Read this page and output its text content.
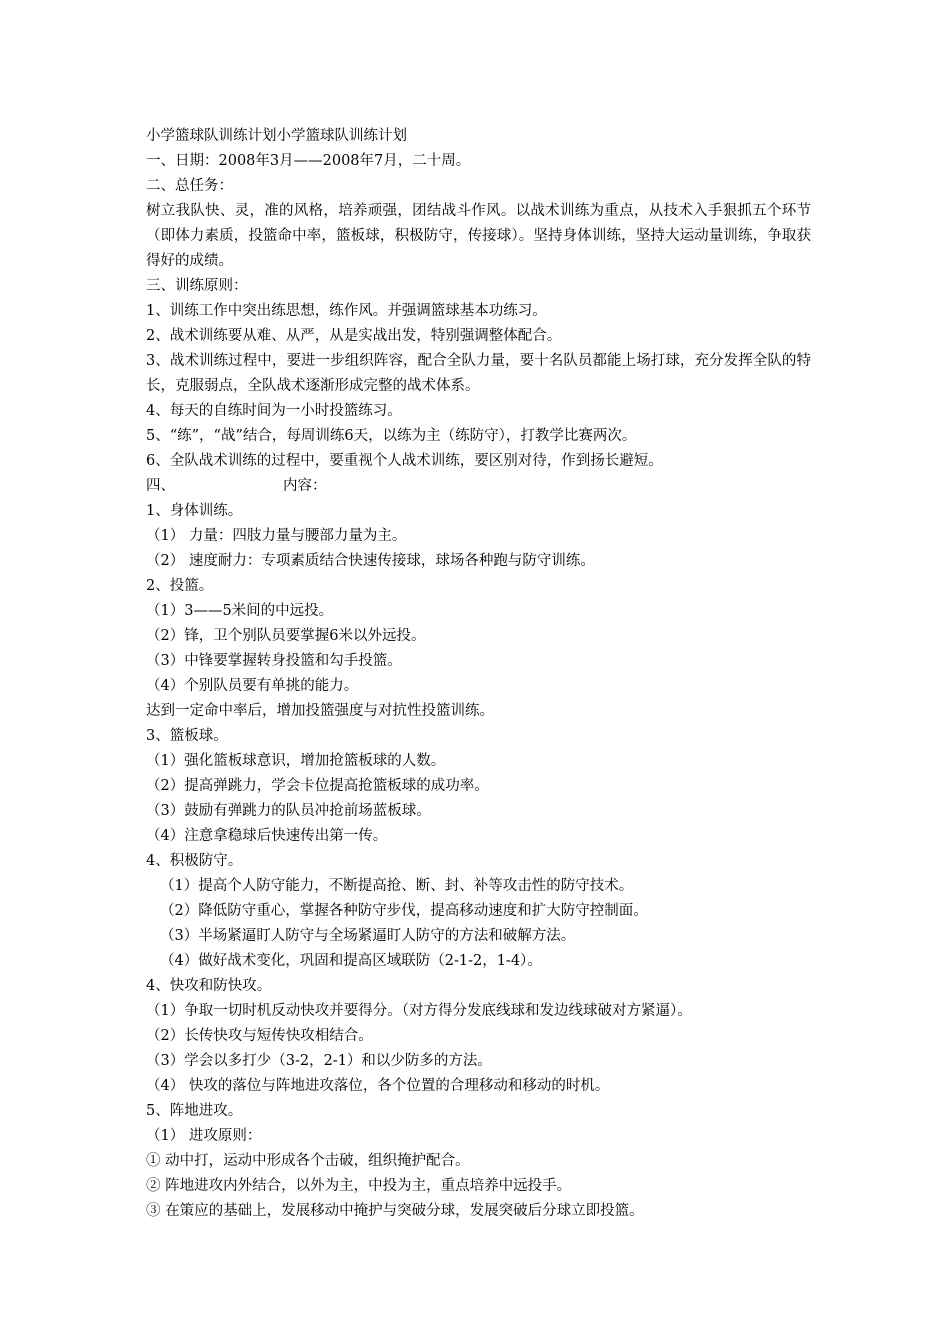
小学篮球队训练计划小学篮球队训练计划
一、日期：2008年3月——2008年7月，二十周。
二、总任务：
树立我队快、灵，准的风格，培养顽强，团结战斗作风。以战术训练为重点，从技术入手狠抓五个环节（即体力素质，投篮命中率，篮板球，积极防守，传接球）。坚持身体训练，坚持大运动量训练，争取获得好的成绩。
三、训练原则：
1、训练工作中突出练思想，练作风。并强调篮球基本功练习。
2、战术训练要从难、从严，从是实战出发，特别强调整体配合。
3、战术训练过程中，要进一步组织阵容，配合全队力量，要十名队员都能上场打球，充分发挥全队的特长，克服弱点，全队战术逐渐形成完整的战术体系。
4、每天的自练时间为一小时投篮练习。
5、“练”，“战”结合，每周训练6天，以练为主（练防守），打教学比赛两次。
6、全队战术训练的过程中，要重视个人战术训练，要区别对待，作到扬长避短。
四、	内容：
1、身体训练。
（1） 力量：四肢力量与腰部力量为主。
（2） 速度耐力：专项素质结合快速传接球，球场各种跑与防守训练。
2、投篮。
（1）3——5米间的中远投。
（2）锋，卫个别队员要掌握6米以外远投。
（3）中锋要掌握转身投篮和勾手投篮。
（4）个别队员要有单挑的能力。
达到一定命中率后，增加投篮强度与对抗性投篮训练。
3、篮板球。
（1）强化篮板球意识，增加抢篮板球的人数。
（2）提高弹跳力，学会卡位提高抢篮板球的成功率。
（3）鼓励有弹跳力的队员冲抢前场蓝板球。
（4）注意拿稳球后快速传出第一传。
4、积极防守。
（1）提高个人防守能力，不断提高抢、断、封、补等攻击性的防守技术。
（2）降低防守重心，掌握各种防守步伐，提高移动速度和扩大防守控制面。
（3）半场紧逼盯人防守与全场紧逼盯人防守的方法和破解方法。
（4）做好战术变化，巩固和提高区域联防（2-1-2，1-4）。
4、快攻和防快攻。
（1）争取一切时机反动快攻并要得分。（对方得分发底线球和发边线球破对方紧逼）。
（2）长传快攻与短传快攻相结合。
（3）学会以多打少（3-2，2-1）和以少防多的方法。
（4） 快攻的落位与阵地进攻落位，各个位置的合理移动和移动的时机。
5、阵地进攻。
（1） 进攻原则：
① 动中打，运动中形成各个击破，组织掩护配合。
② 阵地进攻内外结合，以外为主，中投为主，重点培养中远投手。
③ 在策应的基础上，发展移动中掩护与突破分球，发展突破后分球立即投篮。
